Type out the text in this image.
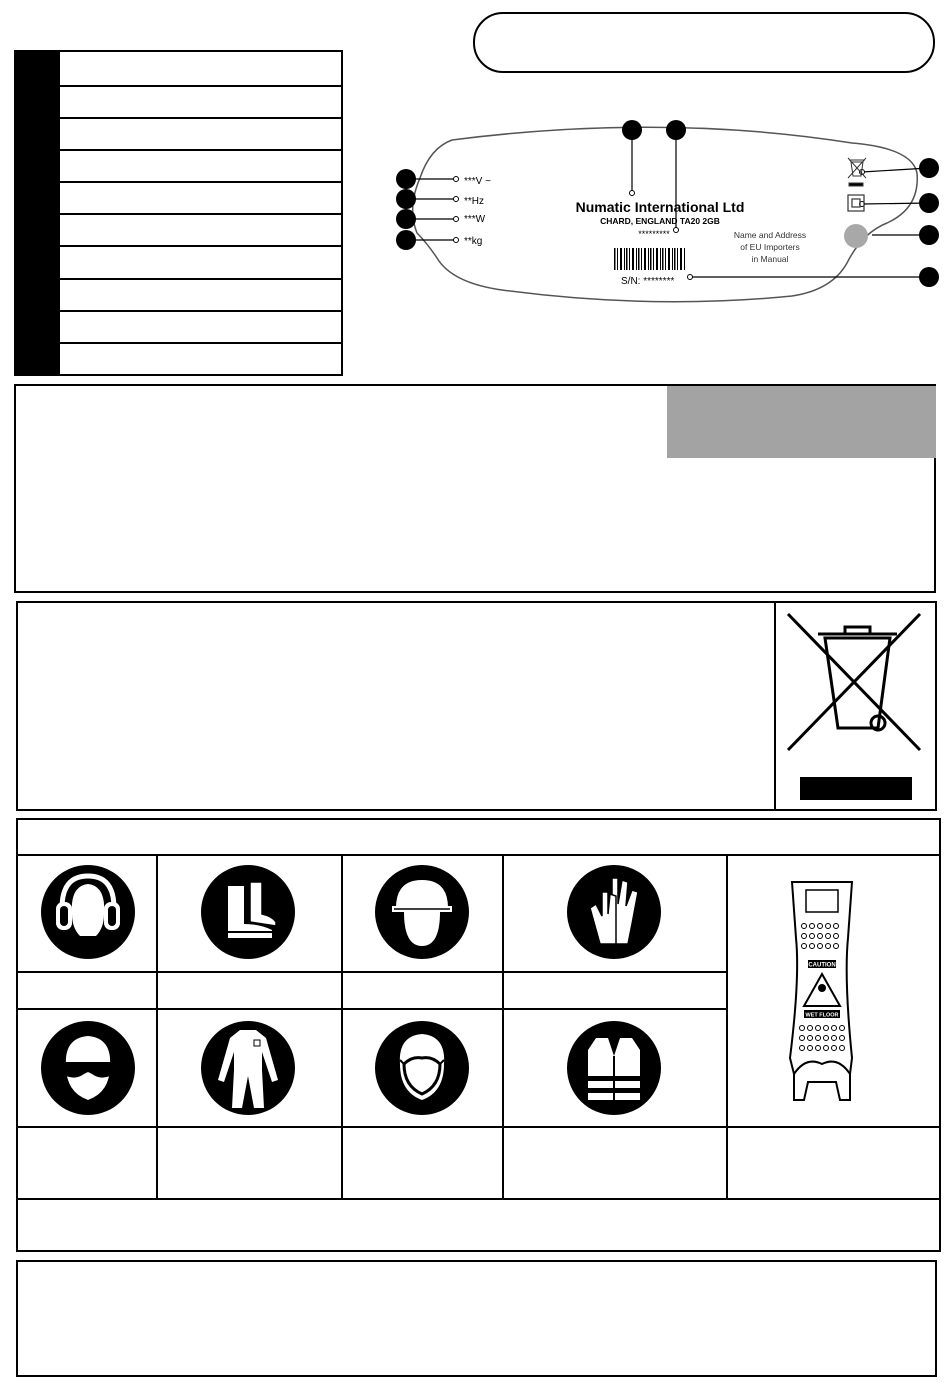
***V ~
**Hz
***W
**kg
Numatic International Ltd
CHARD, ENGLAND TA20 2GB
*********
S/N: ********
Name and Address
of EU Importers
in Manual
CAUTION
WET FLOOR
